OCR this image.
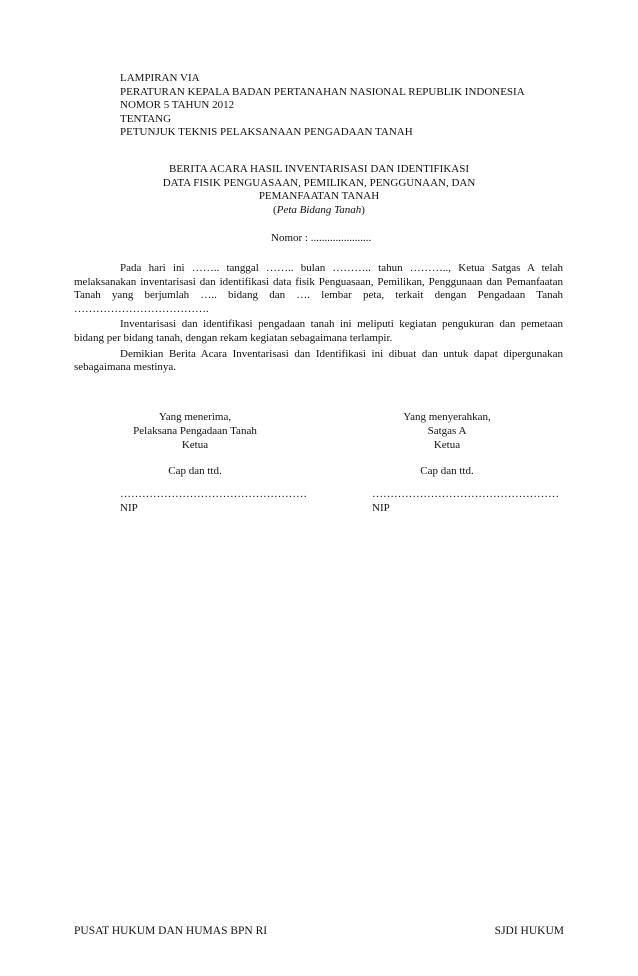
LAMPIRAN VIA
PERATURAN KEPALA BADAN PERTANAHAN NASIONAL REPUBLIK INDONESIA
NOMOR 5 TAHUN 2012
TENTANG
PETUNJUK TEKNIS PELAKSANAAN PENGADAAN TANAH
BERITA ACARA HASIL INVENTARISASI DAN IDENTIFIKASI
DATA FISIK PENGUASAAN, PEMILIKAN, PENGGUNAAN, DAN
PEMANFAATAN TANAH
(Peta Bidang Tanah)
Nomor : ......................

Pada hari ini …….. tanggal …….. bulan ……….. tahun ……….., Ketua Satgas A telah melaksanakan inventarisasi dan identifikasi data fisik Penguasaan, Pemilikan, Penggunaan dan Pemanfaatan Tanah yang berjumlah ….. bidang dan …. lembar peta, terkait dengan Pengadaan Tanah ……………………………….

Inventarisasi dan identifikasi pengadaan tanah ini meliputi kegiatan pengukuran dan pemetaan bidang per bidang tanah, dengan rekam kegiatan sebagaimana terlampir.

Demikian Berita Acara Inventarisasi dan Identifikasi ini dibuat dan untuk dapat dipergunakan sebagaimana mestinya.

Yang menerima,
Pelaksana Pengadaan Tanah
Ketua
Cap dan ttd.
Yang menyerahkan,
Satgas A
Ketua
Cap dan ttd.
……………………………………………
NIP
……………………………………………
NIP
PUSAT HUKUM DAN HUMAS BPN RI	SJDI HUKUM
